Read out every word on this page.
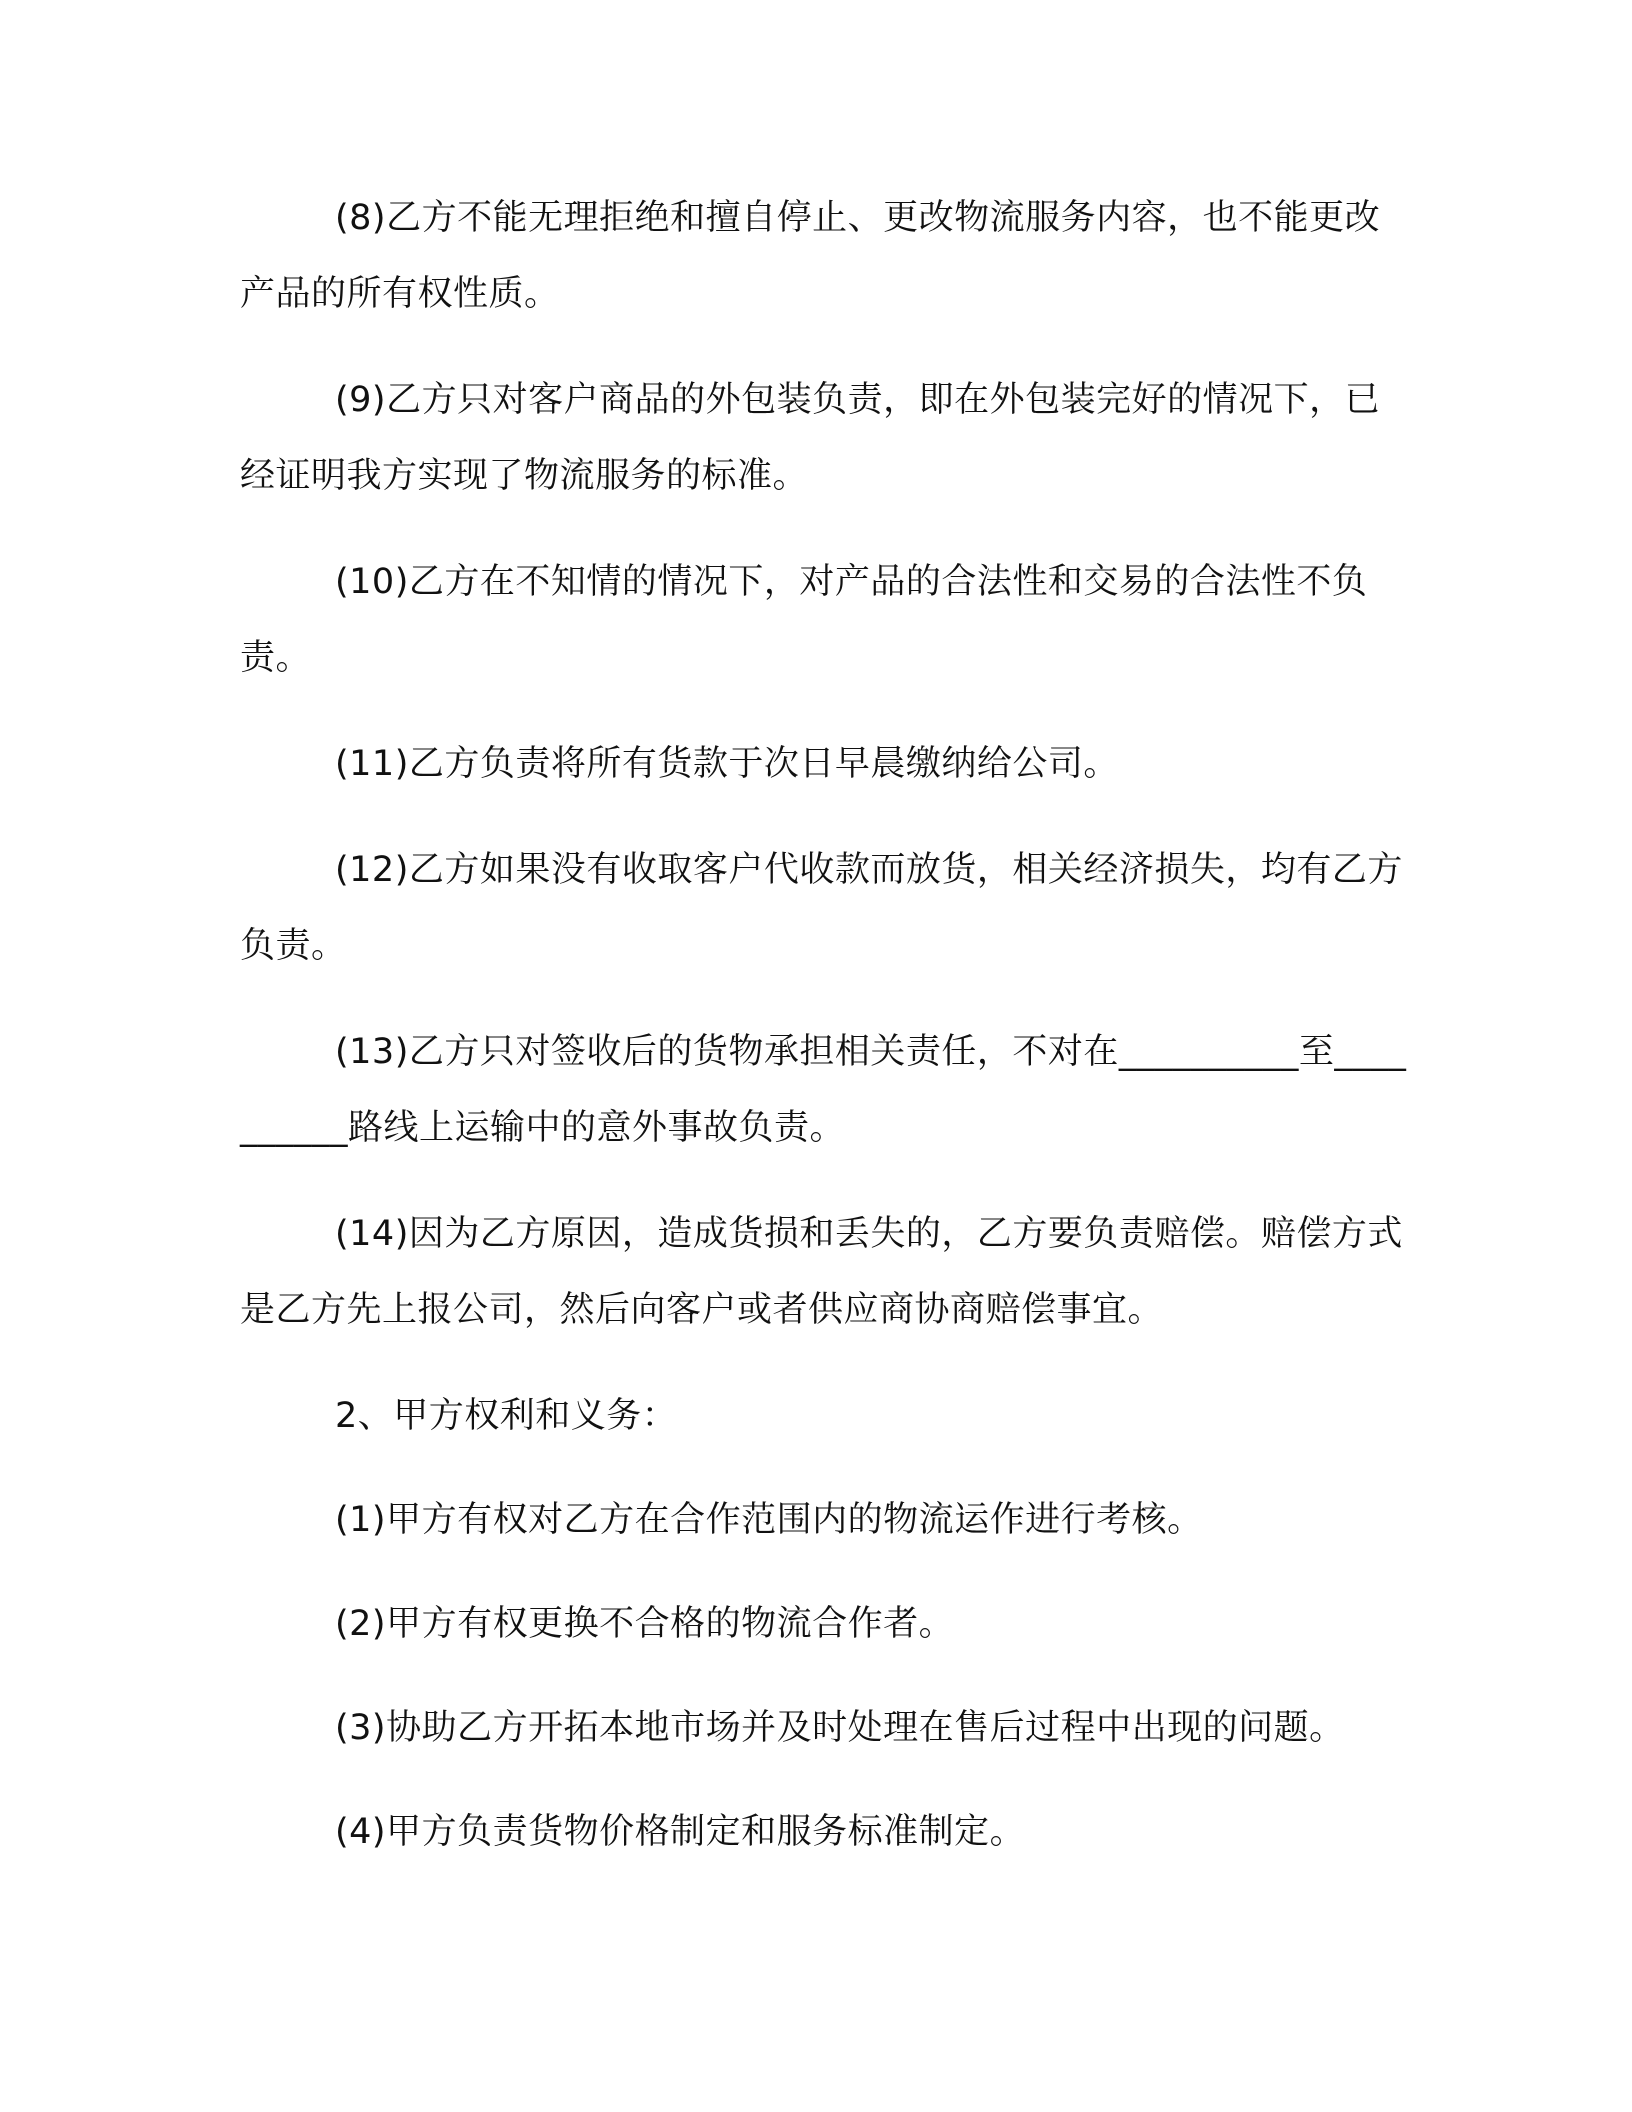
(8)乙方不能无理拒绝和擅自停止、更改物流服务内容，也不能更改产品的所有权性质。

(9)乙方只对客户商品的外包装负责，即在外包装完好的情况下，已经证明我方实现了物流服务的标准。

(10)乙方在不知情的情况下，对产品的合法性和交易的合法性不负责。

(11)乙方负责将所有货款于次日早晨缴纳给公司。

(12)乙方如果没有收取客户代收款而放货，相关经济损失，均有乙方负责。

(13)乙方只对签收后的货物承担相关责任，不对在__________至__________路线上运输中的意外事故负责。

(14)因为乙方原因，造成货损和丢失的，乙方要负责赔偿。赔偿方式是乙方先上报公司，然后向客户或者供应商协商赔偿事宜。

2、甲方权利和义务：

(1)甲方有权对乙方在合作范围内的物流运作进行考核。

(2)甲方有权更换不合格的物流合作者。

(3)协助乙方开拓本地市场并及时处理在售后过程中出现的问题。

(4)甲方负责货物价格制定和服务标准制定。
